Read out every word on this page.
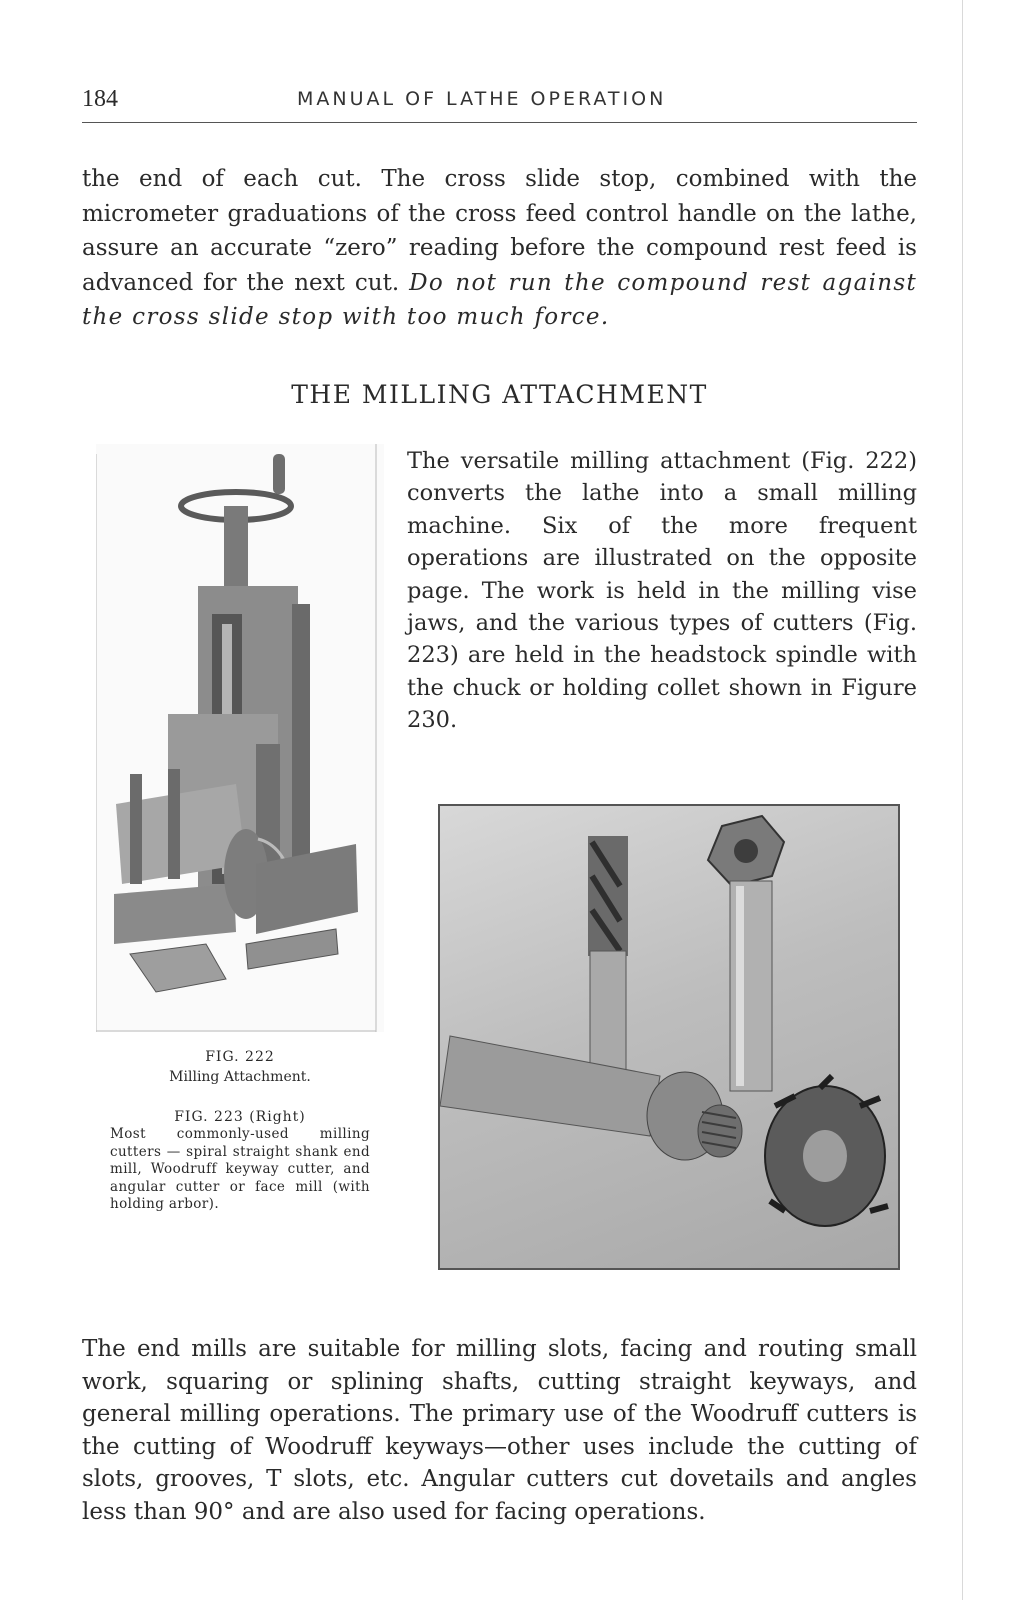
184	MANUAL OF LATHE OPERATION

the end of each cut. The cross slide stop, combined with the micrometer graduations of the cross feed control handle on the lathe, assure an accurate “zero” reading before the compound rest feed is advanced for the next cut. Do not run the compound rest against the cross slide stop with too much force.

THE MILLING ATTACHMENT

The versatile milling attachment (Fig. 222) converts the lathe into a small milling machine. Six of the more frequent operations are illustrated on the opposite page. The work is held in the milling vise jaws, and the various types of cutters (Fig. 223) are held in the headstock spindle with the chuck or holding collet shown in Figure 230.

FIG. 222
Milling Attachment.

FIG. 223 (Right)

Most commonly-used milling cutters — spiral straight shank end mill, Woodruff keyway cutter, and angular cutter or face mill (with holding arbor).

The end mills are suitable for milling slots, facing and routing small work, squaring or splining shafts, cutting straight keyways, and general milling operations. The primary use of the Woodruff cutters is the cutting of Woodruff keyways—other uses include the cutting of slots, grooves, T slots, etc. Angular cutters cut dovetails and angles less than 90° and are also used for facing operations.
